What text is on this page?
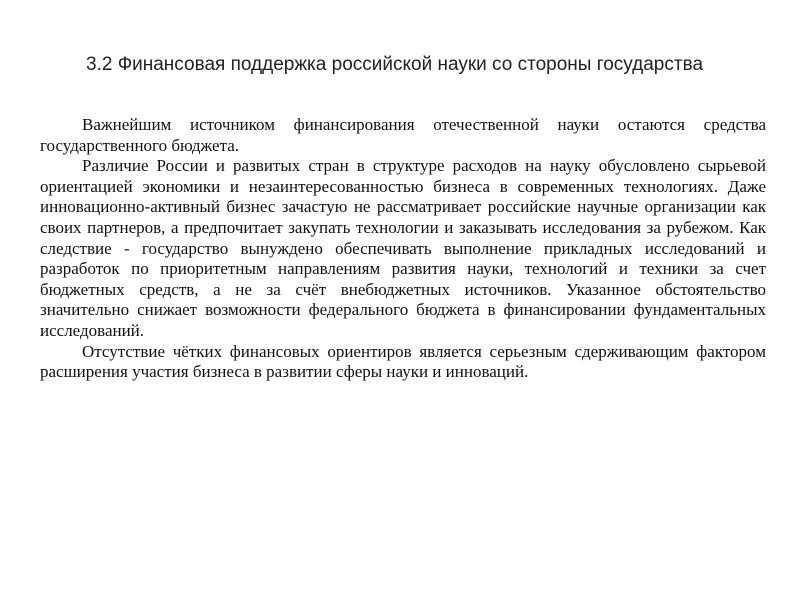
3.2 Финансовая поддержка российской науки со стороны государства

Важнейшим источником финансирования отечественной науки остаются средства государственного бюджета.

Различие России и развитых стран в структуре расходов на науку обусловлено сырьевой ориентацией экономики и незаинтересованностью бизнеса в современных технологиях. Даже инновационно-активный бизнес зачастую не рассматривает российские научные организации как своих партнеров, а предпочитает закупать технологии и заказывать исследования за рубежом. Как следствие - государство вынуждено обеспечивать выполнение прикладных исследований и разработок по приоритетным направлениям развития науки, технологий и техники за счет бюджетных средств, а не за счёт внебюджетных источников. Указанное обстоятельство значительно снижает возможности федерального бюджета в финансировании фундаментальных исследований.

Отсутствие чётких финансовых ориентиров является серьезным сдерживающим фактором расширения участия бизнеса в развитии сферы науки и инноваций.
